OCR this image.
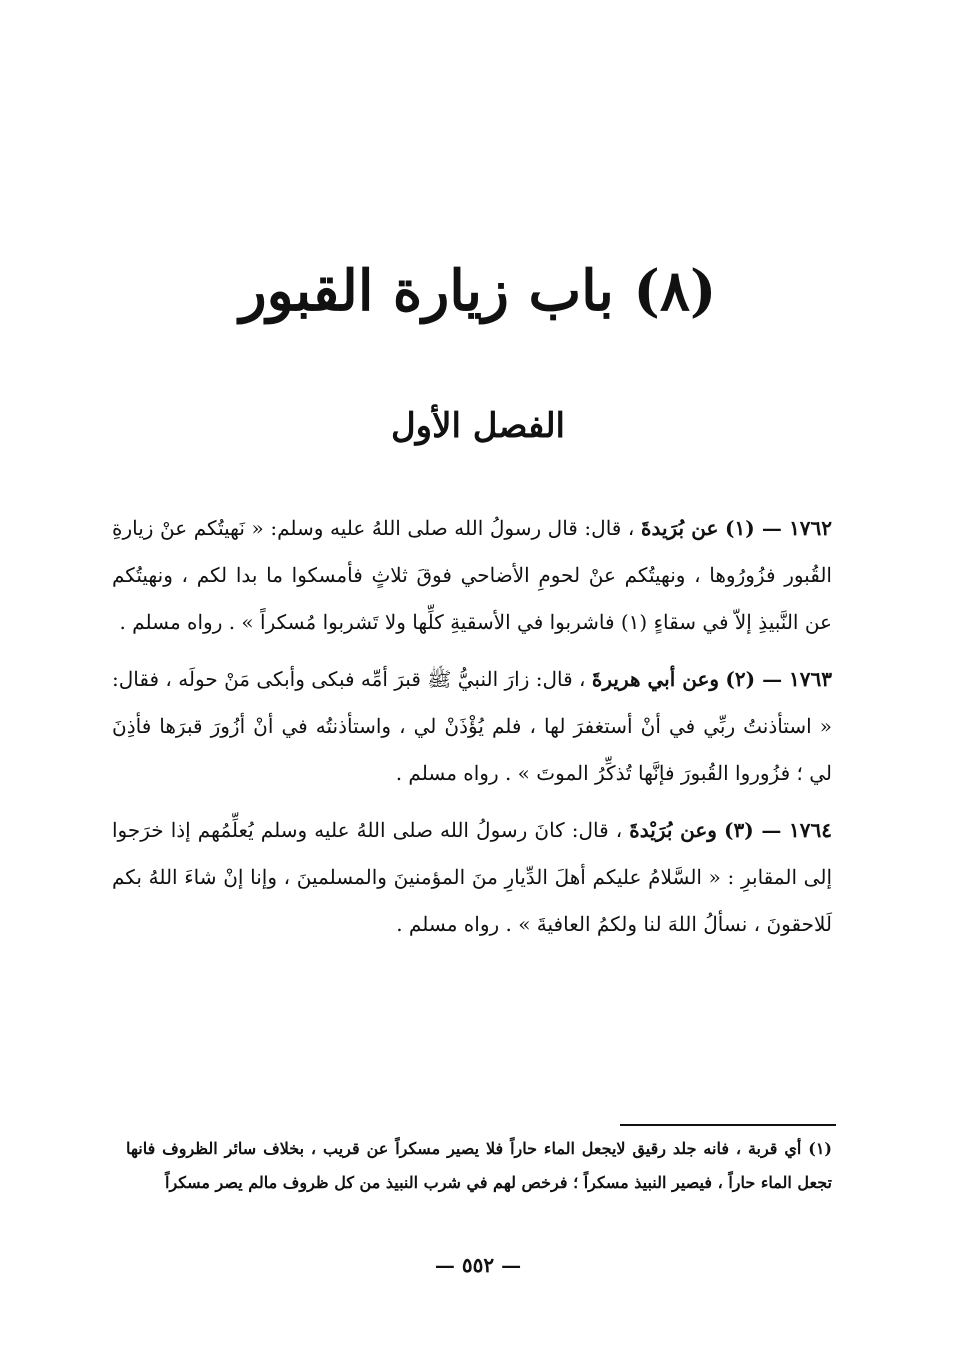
(٨) باب زيارة القبور
الفصل الأول

١٧٦٢ — (١) عن بُرَيدةَ ، قال: قال رسولُ الله صلى اللهُ عليه وسلم: « نَهيتُكم عنْ زيارةِ القُبور فزُورُوها ، ونهيتُكم عنْ لحومِ الأضاحي فوقَ ثلاثٍ فأمسكوا ما بدا لكم ، ونهيتُكم عن النَّبيذِ إلاّ في سقاءٍ (١) فاشربوا في الأسقيةِ كلِّها ولا تَشربوا مُسكراً » . رواه مسلم .

١٧٦٣ — (٢) وعن أبي هريرةَ ، قال: زارَ النبيُّ ﷺ قبرَ أمِّه فبكى وأبكى مَنْ حولَه ، فقال: « استأذنتُ ربِّي في أنْ أستغفرَ لها ، فلم يُؤْذَنْ لي ، واستأذنتُه في أنْ أزُورَ قبرَها فأذِنَ لي ؛ فزُوروا القُبورَ فإنَّها تُذكِّرُ الموتَ » . رواه مسلم .

١٧٦٤ — (٣) وعن بُرَيْدةَ ، قال: كانَ رسولُ الله صلى اللهُ عليه وسلم يُعلِّمُهم إذا خرَجوا إلى المقابرِ : « السَّلامُ عليكم أهلَ الدِّيارِ منَ المؤمنينَ والمسلمينَ ، وإنا إنْ شاءَ اللهُ بكم لَلاحقونَ ، نسألُ اللهَ لنا ولكمُ العافيةَ » . رواه مسلم .

(١) أي قربة ، فانه جلد رقيق لايجعل الماء حاراً فلا يصير مسكراً عن قريب ، بخلاف سائر الظروف فانها تجعل الماء حاراً ، فيصير النبيذ مسكراً ؛ فرخص لهم في شرب النبيذ من كل ظروف مالم يصر مسكراً
— ٥٥٢ —
